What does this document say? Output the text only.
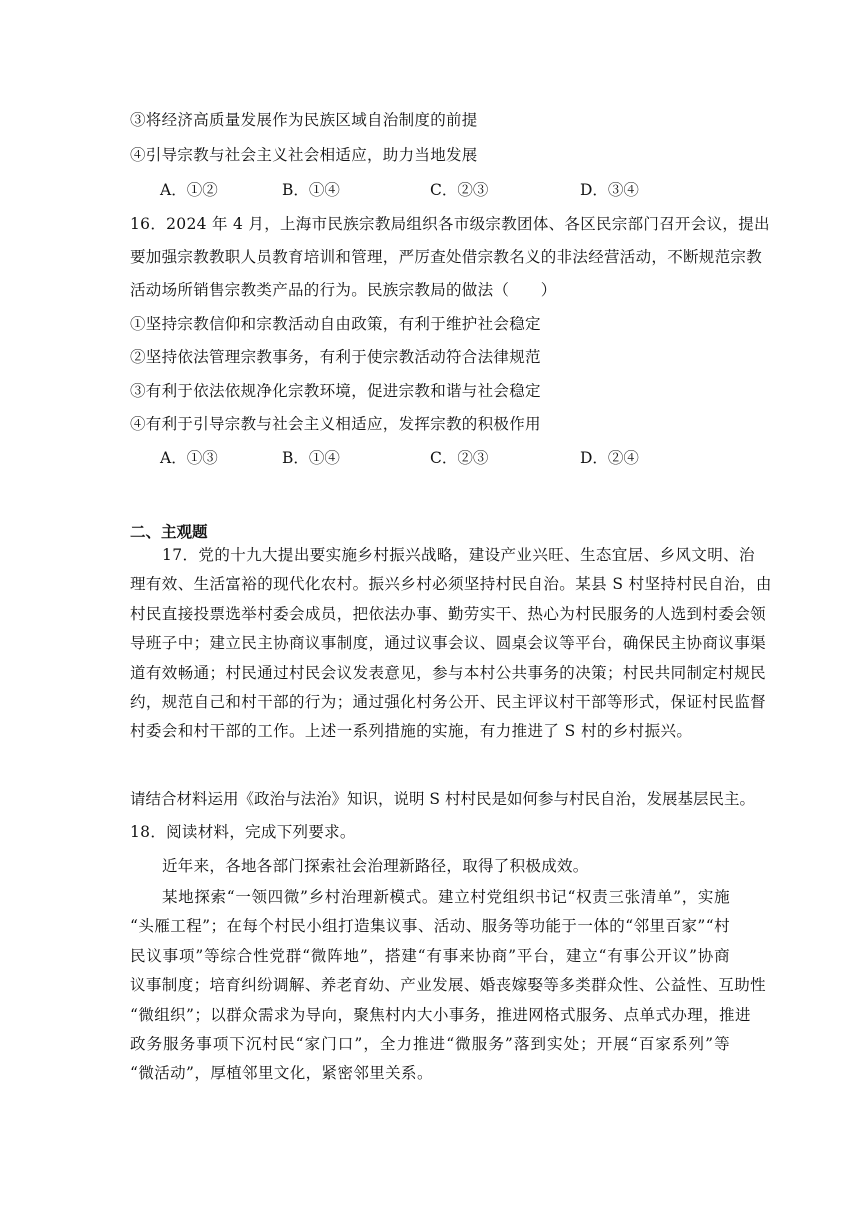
③将经济高质量发展作为民族区域自治制度的前提
④引导宗教与社会主义社会相适应，助力当地发展
A．①②	B．①④	C．②③	D．③④
16．2024 年 4 月，上海市民族宗教局组织各市级宗教团体、各区民宗部门召开会议，提出
要加强宗教教职人员教育培训和管理，严厉查处借宗教名义的非法经营活动，不断规范宗教
活动场所销售宗教类产品的行为。民族宗教局的做法（　　）
①坚持宗教信仰和宗教活动自由政策，有利于维护社会稳定
②坚持依法管理宗教事务，有利于使宗教活动符合法律规范
③有利于依法依规净化宗教环境，促进宗教和谐与社会稳定
④有利于引导宗教与社会主义相适应，发挥宗教的积极作用
A．①③	B．①④	C．②③	D．②④
二、主观题
17．党的十九大提出要实施乡村振兴战略，建设产业兴旺、生态宜居、乡风文明、治
理有效、生活富裕的现代化农村。振兴乡村必须坚持村民自治。某县 S 村坚持村民自治，由
村民直接投票选举村委会成员，把依法办事、勤劳实干、热心为村民服务的人选到村委会领
导班子中；建立民主协商议事制度，通过议事会议、圆桌会议等平台，确保民主协商议事渠
道有效畅通；村民通过村民会议发表意见，参与本村公共事务的决策；村民共同制定村规民
约，规范自己和村干部的行为；通过强化村务公开、民主评议村干部等形式，保证村民监督
村委会和村干部的工作。上述一系列措施的实施，有力推进了 S 村的乡村振兴。
请结合材料运用《政治与法治》知识，说明 S 村村民是如何参与村民自治，发展基层民主。
18．阅读材料，完成下列要求。
近年来，各地各部门探索社会治理新路径，取得了积极成效。
某地探索“一领四微”乡村治理新模式。建立村党组织书记“权责三张清单”，实施
“头雁工程”；在每个村民小组打造集议事、活动、服务等功能于一体的“邻里百家”“村
民议事项”等综合性党群“微阵地”，搭建“有事来协商”平台，建立“有事公开议”协商
议事制度；培育纠纷调解、养老育幼、产业发展、婚丧嫁娶等多类群众性、公益性、互助性
“微组织”；以群众需求为导向，聚焦村内大小事务，推进网格式服务、点单式办理，推进
政务服务事项下沉村民“家门口”，全力推进“微服务”落到实处；开展“百家系列”等
“微活动”，厚植邻里文化，紧密邻里关系。
